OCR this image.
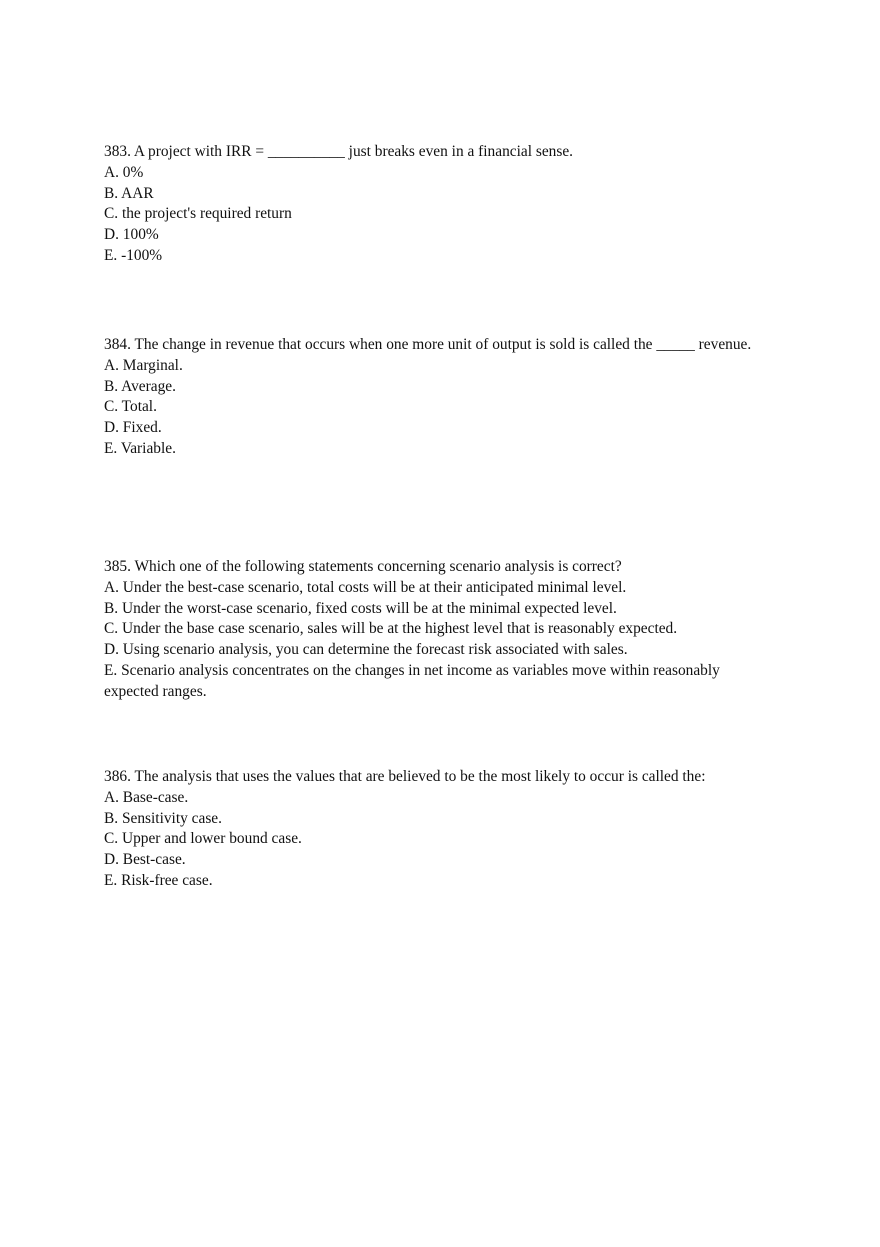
383. A project with IRR = __________ just breaks even in a financial sense.

A. 0%

B. AAR

C. the project's required return

D. 100%

E. -100%

384. The change in revenue that occurs when one more unit of output is sold is called the _____ revenue.

A. Marginal.

B. Average.

C. Total.

D. Fixed.

E. Variable.

385. Which one of the following statements concerning scenario analysis is correct?

A. Under the best-case scenario, total costs will be at their anticipated minimal level.

B. Under the worst-case scenario, fixed costs will be at the minimal expected level.

C. Under the base case scenario, sales will be at the highest level that is reasonably expected.

D. Using scenario analysis, you can determine the forecast risk associated with sales.

E. Scenario analysis concentrates on the changes in net income as variables move within reasonably expected ranges.

386. The analysis that uses the values that are believed to be the most likely to occur is called the:

A. Base-case.

B. Sensitivity case.

C. Upper and lower bound case.

D. Best-case.

E. Risk-free case.
